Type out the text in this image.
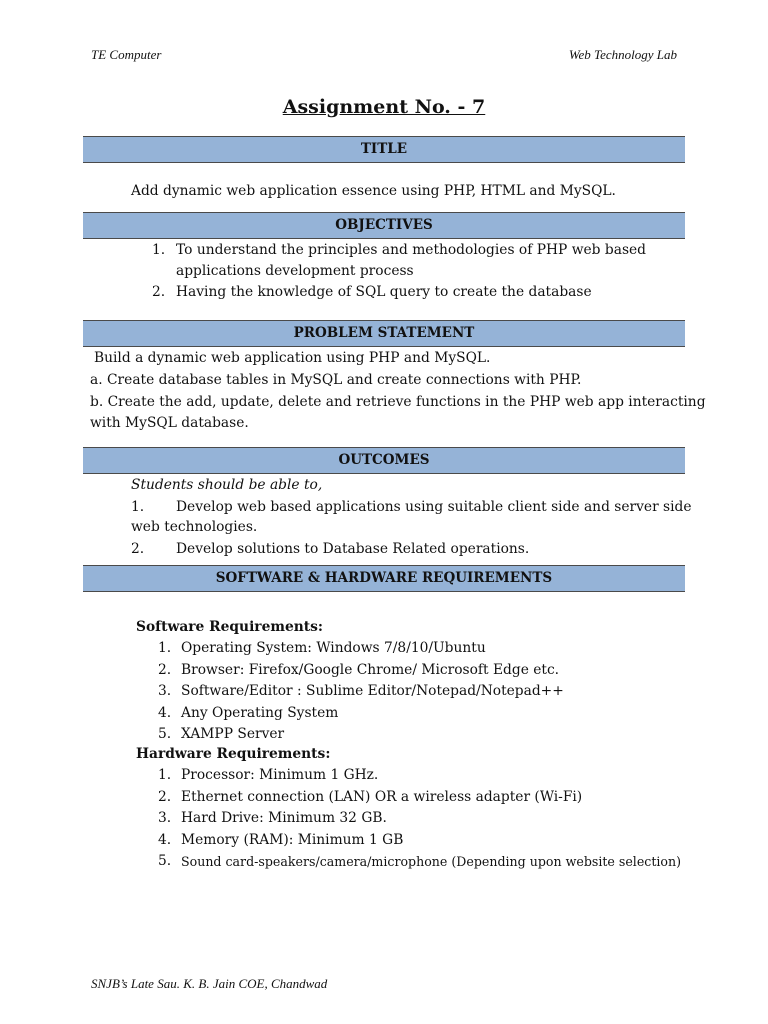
TE Computer	Web Technology Lab
Assignment No. - 7
TITLE
Add dynamic web application essence using PHP, HTML and MySQL.
OBJECTIVES
1. To understand the principles and methodologies of PHP web based
applications development process
2. Having the knowledge of SQL query to create the database
PROBLEM STATEMENT
Build a dynamic web application using PHP and MySQL.
a. Create database tables in MySQL and create connections with PHP.
b. Create the add, update, delete and retrieve functions in the PHP web app interacting
with MySQL database.
OUTCOMES
Students should be able to,
1. Develop web based applications using suitable client side and server side
web technologies.
2. Develop solutions to Database Related operations.
SOFTWARE & HARDWARE REQUIREMENTS
Software Requirements:
1. Operating System: Windows 7/8/10/Ubuntu
2. Browser: Firefox/Google Chrome/ Microsoft Edge etc.
3. Software/Editor : Sublime Editor/Notepad/Notepad++
4. Any Operating System
5. XAMPP Server
Hardware Requirements:
1. Processor: Minimum 1 GHz.
2. Ethernet connection (LAN) OR a wireless adapter (Wi-Fi)
3. Hard Drive: Minimum 32 GB.
4. Memory (RAM): Minimum 1 GB
5. Sound card-speakers/camera/microphone (Depending upon website selection)
SNJB’s Late Sau. K. B. Jain COE, Chandwad
